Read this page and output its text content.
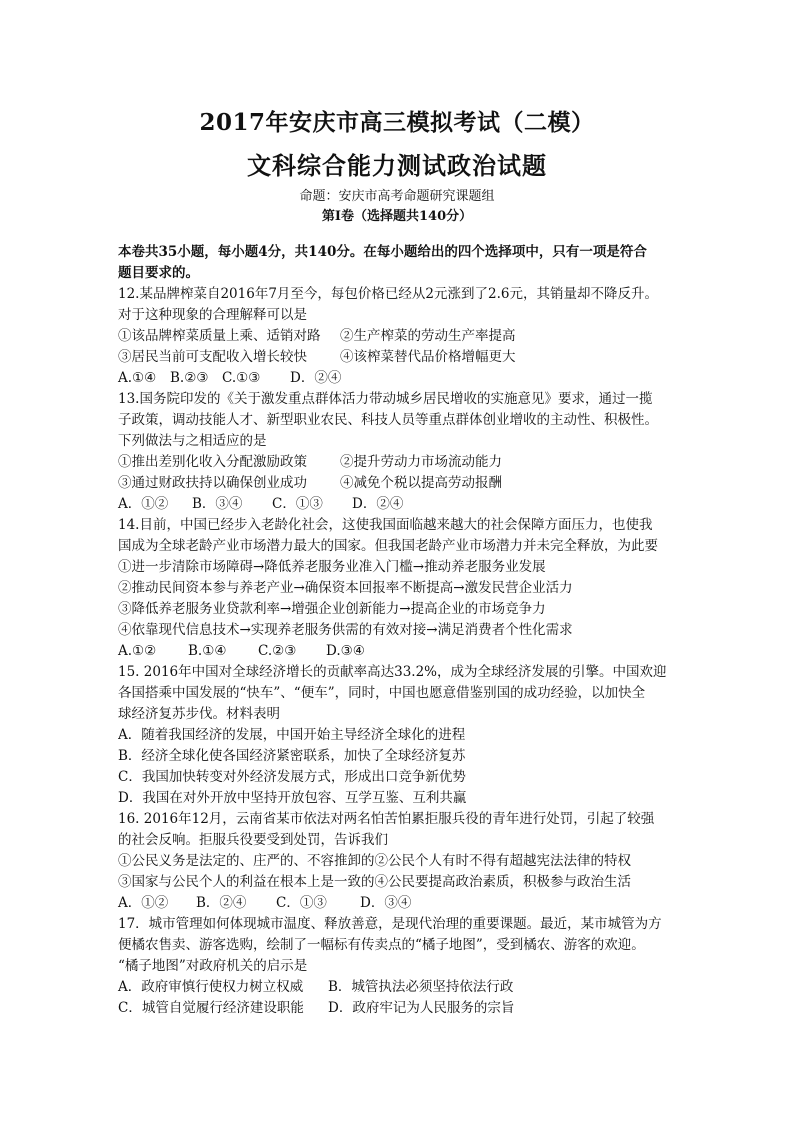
2017年安庆市高三模拟考试（二模）
文科综合能力测试政治试题
命题：安庆市高考命题研究课题组
第Ⅰ卷（选择题共140分）
本卷共35小题，每小题4分，共140分。在每小题给出的四个选择项中，只有一项是符合
题目要求的。
12.某品牌榨菜自2016年7月至今，每包价格已经从2元涨到了2.6元，其销量却不降反升。
对于这种现象的合理解释可以是
①该品牌榨菜质量上乘、适销对路	②生产榨菜的劳动生产率提高
③居民当前可支配收入增长较快	④该榨菜替代品价格增幅更大
A.①④	B.②③	C.①③	D．②④
13.国务院印发的《关于激发重点群体活力带动城乡居民增收的实施意见》要求，通过一揽
子政策，调动技能人才、新型职业农民、科技人员等重点群体创业增收的主动性、积极性。
下列做法与之相适应的是
①推出差别化收入分配激励政策	②提升劳动力市场流动能力
③通过财政扶持以确保创业成功	④减免个税以提高劳动报酬
A．①②	B．③④	C．①③	D．②④
14.目前，中国已经步入老龄化社会，这使我国面临越来越大的社会保障方面压力，也使我
国成为全球老龄产业市场潜力最大的国家。但我国老龄产业市场潜力并未完全释放，为此要
①进一步清除市场障碍→降低养老服务业准入门槛→推动养老服务业发展
②推动民间资本参与养老产业→确保资本回报率不断提高→激发民营企业活力
③降低养老服务业贷款利率→增强企业创新能力→提高企业的市场竞争力
④依靠现代信息技术→实现养老服务供需的有效对接→满足消费者个性化需求
A.①②	B.①④	C.②③	D.③④
15. 2016年中国对全球经济增长的贡献率高达33.2%，成为全球经济发展的引擎。中国欢迎
各国搭乘中国发展的“快车”、“便车”，同时，中国也愿意借鉴别国的成功经验，以加快全
球经济复苏步伐。材料表明
A．随着我国经济的发展，中国开始主导经济全球化的进程
B．经济全球化使各国经济紧密联系，加快了全球经济复苏
C．我国加快转变对外经济发展方式，形成出口竞争新优势
D．我国在对外开放中坚持开放包容、互学互鉴、互利共赢
16. 2016年12月，云南省某市依法对两名怕苦怕累拒服兵役的青年进行处罚，引起了较强
的社会反响。拒服兵役要受到处罚，告诉我们
①公民义务是法定的、庄严的、不容推卸的②公民个人有时不得有超越宪法法律的特权
③国家与公民个人的利益在根本上是一致的④公民要提高政治素质，积极参与政治生活
A．①②	B．②④	C．①③	D．③④
17．城市管理如何体现城市温度、释放善意，是现代治理的重要课题。最近，某市城管为方
便橘农售卖、游客选购，绘制了一幅标有传卖点的“橘子地图”，受到橘农、游客的欢迎。
“橘子地图”对政府机关的启示是
A．政府审慎行使权力树立权威	B．城管执法必须坚持依法行政
C．城管自觉履行经济建设职能	D．政府牢记为人民服务的宗旨
